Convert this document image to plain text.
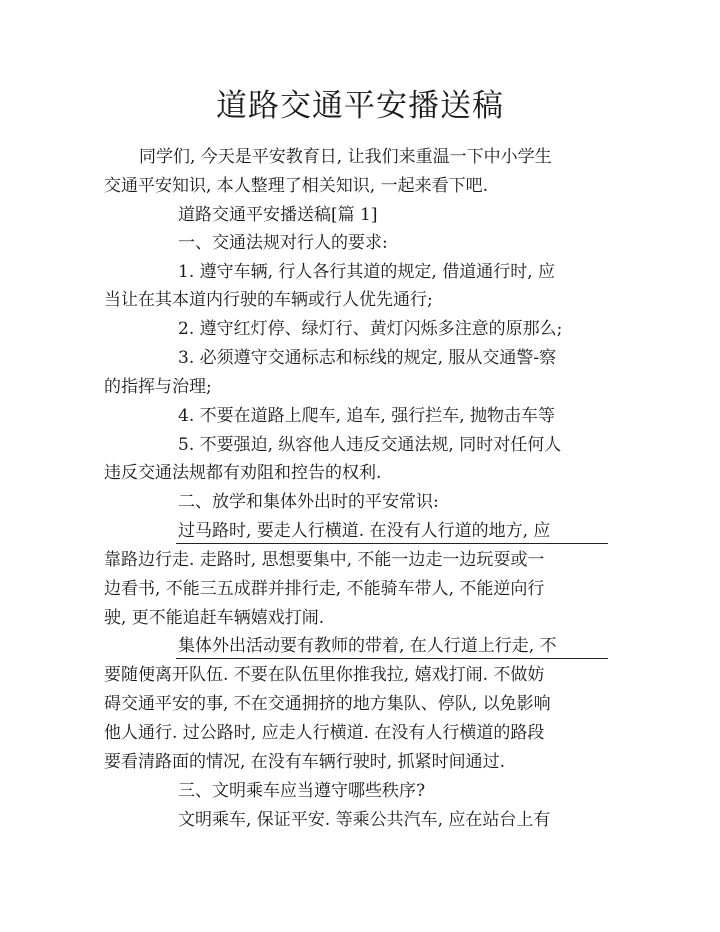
道路交通平安播送稿

同学们, 今天是平安教育日, 让我们来重温一下中小学生

交通平安知识, 本人整理了相关知识, 一起来看下吧.

道路交通平安播送稿[篇 1]

一、交通法规对行人的要求:

1. 遵守车辆, 行人各行其道的规定, 借道通行时, 应

当让在其本道内行驶的车辆或行人优先通行;

2. 遵守红灯停、绿灯行、黄灯闪烁多注意的原那么;

3. 必须遵守交通标志和标线的规定, 服从交通警-察

的指挥与治理;

4. 不要在道路上爬车, 追车, 强行拦车, 抛物击车等

5. 不要强迫, 纵容他人违反交通法规, 同时对任何人

违反交通法规都有劝阻和控告的权利.

二、放学和集体外出时的平安常识:

过马路时, 要走人行横道. 在没有人行道的地方, 应

靠路边行走. 走路时, 思想要集中, 不能一边走一边玩耍或一

边看书, 不能三五成群并排行走, 不能骑车带人, 不能逆向行

驶, 更不能追赶车辆嬉戏打闹.

集体外出活动要有教师的带着, 在人行道上行走, 不

要随便离开队伍. 不要在队伍里你推我拉, 嬉戏打闹. 不做妨

碍交通平安的事, 不在交通拥挤的地方集队、停队, 以免影响

他人通行. 过公路时, 应走人行横道. 在没有人行横道的路段

要看清路面的情况, 在没有车辆行驶时, 抓紧时间通过.

三、文明乘车应当遵守哪些秩序?

文明乘车, 保证平安. 等乘公共汽车, 应在站台上有
